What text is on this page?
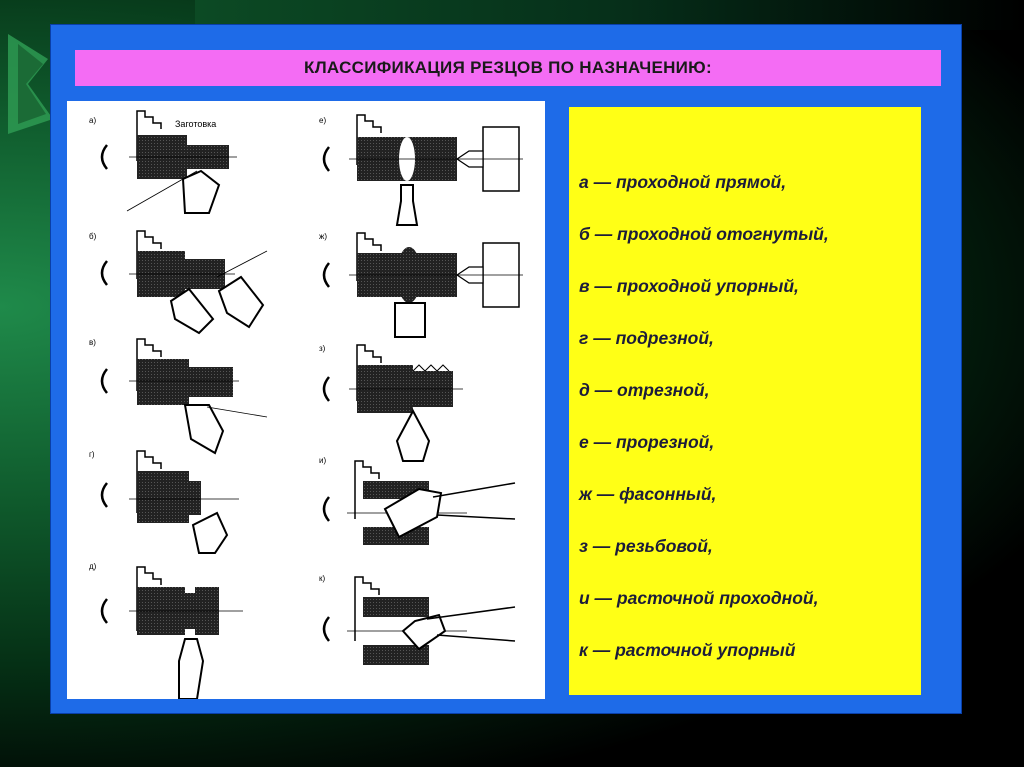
КЛАССИФИКАЦИЯ РЕЗЦОВ ПО НАЗНАЧЕНИЮ:
а)	Заготовка
б)
в)
г)
д)
е)
ж)
з)
и)
к)
а — проходной прямой,
б — проходной отогнутый,
в — проходной упорный,
г — подрезной,
д — отрезной,
е — прорезной,
ж — фасонный,
з — резьбовой,
и — расточной проходной,
к — расточной упорный
